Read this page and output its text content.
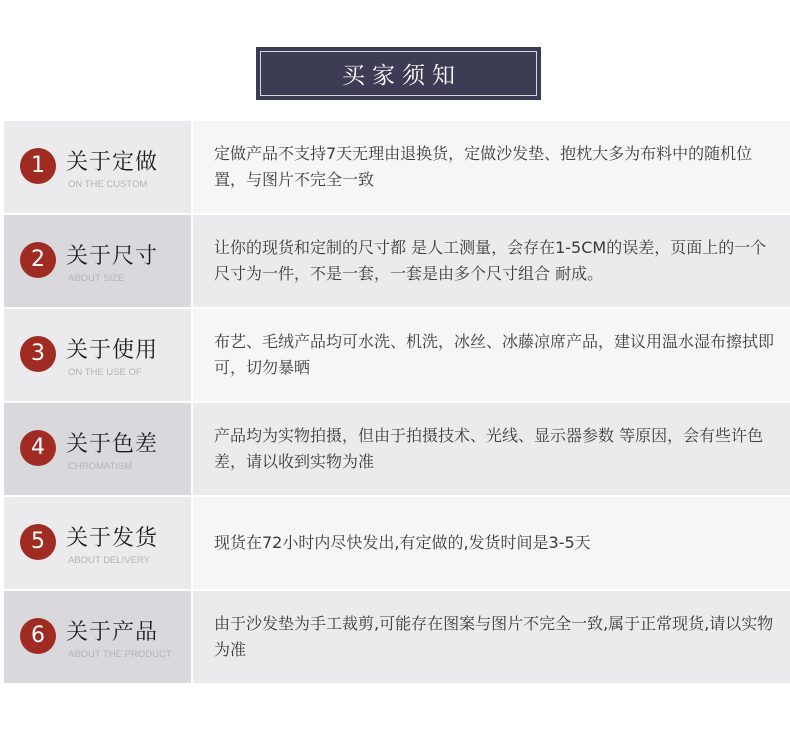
买家须知
1 关于定做
ON THE CUSTOM

定做产品不支持7天无理由退换货，定做沙发垫、抱枕大多为布料中的随机位置，与图片不完全一致

2 关于尺寸
ABOUT SIZE

让你的现货和定制的尺寸都 是人工测量，会存在1-5CM的误差，页面上的一个尺寸为一件，不是一套，一套是由多个尺寸组合 耐成。

3 关于使用
ON THE USE OF

布艺、毛绒产品均可水洗、机洗，冰丝、冰藤凉席产品，建议用温水湿布擦拭即可，切勿暴晒

4 关于色差
CHROMATISM

产品均为实物拍摄，但由于拍摄技术、光线、显示器参数 等原因，会有些许色差，请以收到实物为准

5 关于发货
ABOUT DELIVERY

现货在72小时内尽快发出,有定做的,发货时间是3-5天

6 关于产品
ABOUT THE PRODUCT

由于沙发垫为手工裁剪,可能存在图案与图片不完全一致,属于正常现货,请以实物为准
